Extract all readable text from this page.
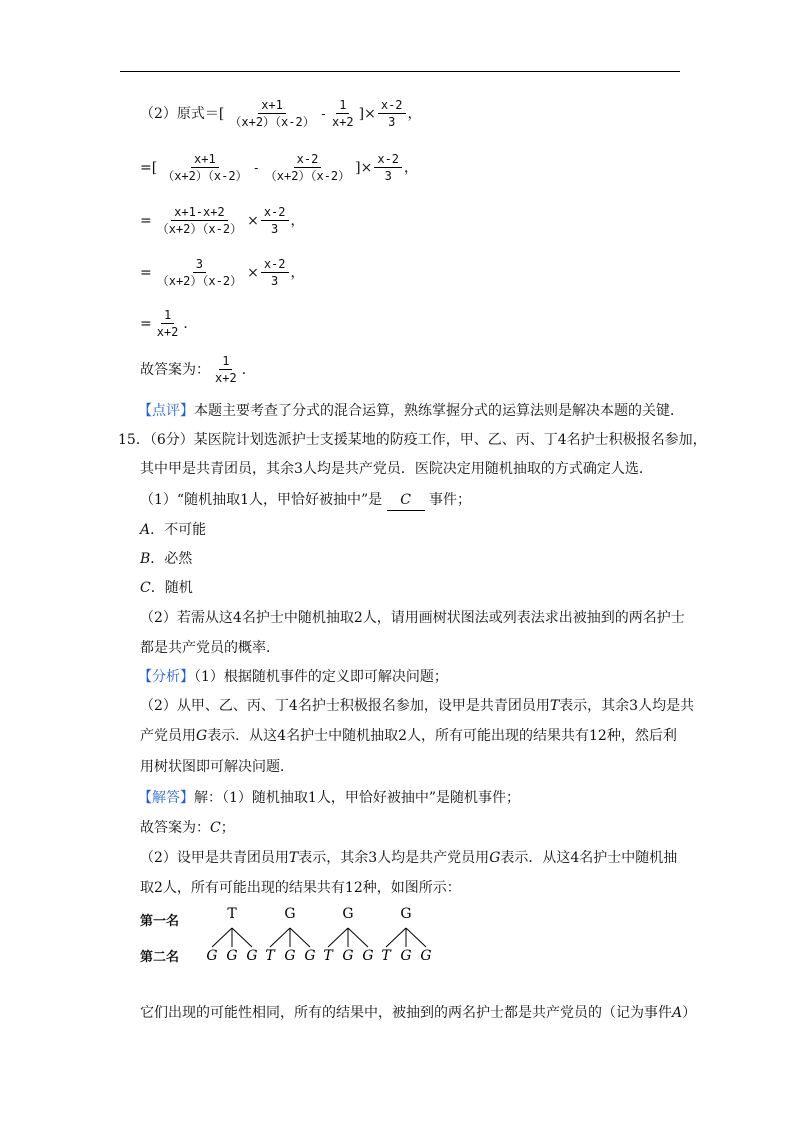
（2）原式＝[ $\frac{x+1}{(x+2)(x-2)} - \frac{1}{x+2}$ ]× $\frac{x-2}{3}$ ，
=[ $\frac{x+1}{(x+2)(x-2)} - \frac{x-2}{(x+2)(x-2)}$ ]× $\frac{x-2}{3}$ ，
= $\frac{x+1-x+2}{(x+2)(x-2)} \times \frac{x-2}{3}$ ，
= $\frac{3}{(x+2)(x-2)} \times \frac{x-2}{3}$ ，
= $\frac{1}{x+2}$ ．
故答案为： $\frac{1}{x+2}$ ．
【点评】本题主要考查了分式的混合运算，熟练掌握分式的运算法则是解决本题的关键．
15．（6分）某医院计划选派护士支援某地的防疫工作，甲、乙、丙、丁4名护士积极报名参加，
其中甲是共青团员，其余3人均是共产党员．医院决定用随机抽取的方式确定人选．
（1）“随机抽取1人，甲恰好被抽中”是 C 事件；
A．不可能
B．必然
C．随机
（2）若需从这4名护士中随机抽取2人，请用画树状图法或列表法求出被抽到的两名护士
都是共产党员的概率．
【分析】（1）根据随机事件的定义即可解决问题；
（2）从甲、乙、丙、丁4名护士积极报名参加，设甲是共青团员用T表示，其余3人均是共
产党员用G表示．从这4名护士中随机抽取2人，所有可能出现的结果共有12种，然后利
用树状图即可解决问题．
【解答】解：（1）随机抽取1人，甲恰好被抽中”是随机事件；
故答案为：C；
（2）设甲是共青团员用T表示，其余3人均是共产党员用G表示．从这4名护士中随机抽
取2人，所有可能出现的结果共有12种，如图所示：
第一名
第二名
T
G G G
G
T G G
G
T G G
G
T G G
它们出现的可能性相同，所有的结果中，被抽到的两名护士都是共产党员的（记为事件A）
